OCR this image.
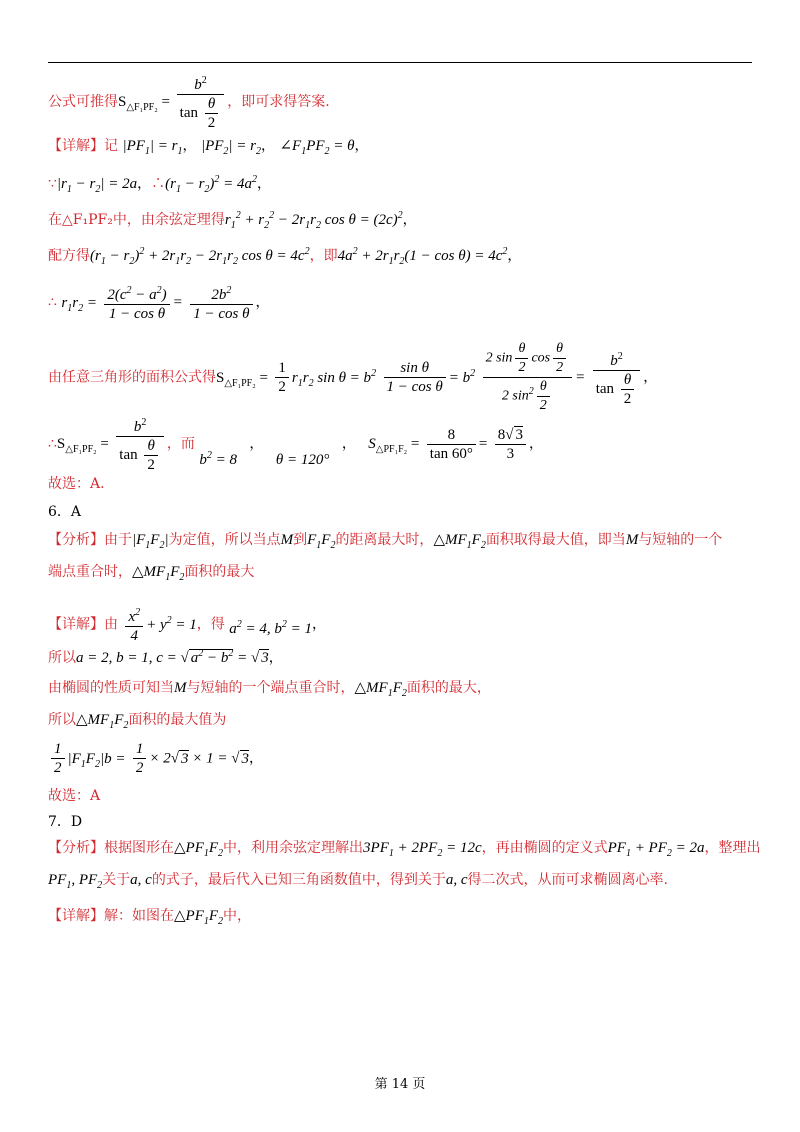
公式可推得$S_{\triangle F_1PF_2} = \frac{b^2}{\tan \frac{\theta}{2}}$ ，即可求得答案.
【详解】记 $|PF_1| = r_1$， $|PF_2| = r_2$， $\angle F_1PF_2 = \theta$，
$\because|r_1 - r_2| = 2a$，$\therefore(r_1 - r_2)^2 = 4a^2$，
在△F₁PF₂中，由余弦定理得$r_1^2 + r_2^2 - 2r_1r_2$ $\cos \theta = (2c)^2$，
配方得$(r_1 - r_2)^2 + 2r_1r_2 - 2r_1r_2$ $\cos \theta = 4c^2$，即$4a^2 + 2r_1r_2(1 - \cos \theta) = 4c^2$，
∴ $r_1r_2 = \frac{2(c^2 - a^2)}{\text{1 − cos θ}} = \frac{2b^2}{\text{1 − cos θ}}$ ，
由任意三角形的面积公式得$S_{\triangle F_1PF_2} = \frac{1}{2} r_1r_2$ $\sin \theta = b^2 \frac{\text{sin θ}}{\text{1 − cos θ}} = b^2 \frac{2 \sin \frac{\theta}{2} \cos \frac{\theta}{2}}{2 \sin^2 \frac{\theta}{2}} = \frac{b^2}{\tan \frac{\theta}{2}}$ ，
$\therefore S_{\triangle F_1PF_2} = \frac{b^2}{\tan \frac{\theta}{2}}$ ，而 $b^2 = 8$ ， θ = 120° ， $S_{\triangle PF_1F_2} = \frac{8}{\tan 60^\circ} = \frac{8√ 3}{3}$ ，
故选：A.
6．A
【分析】由于$|F_1F_2|$为定值，所以当点M到$F_1F_2$的距离最大时，$\triangle MF_1F_2$面积取得最大值，即当M与短轴的一个
端点重合时，$\triangle MF_1F_2$面积的最大
【详解】由 $\frac{x^2}{4} + y^2 = 1$，得 $a^2 = 4$, $b^2 = 1$，
所以a = 2, b = 1, c = √ $a^2 - b^2$ = √ 3，
由椭圆的性质可知当M与短轴的一个端点重合时，$\triangle MF_1F_2$面积的最大，
所以$\triangle MF_1F_2$面积的最大值为
$\frac{1}{2} |F_1F_2|b = \frac{1}{2} \times 2√$ 3 × 1 = √ 3，
故选：A
7．D
【分析】根据图形在$\triangle PF_1F_2$中，利用余弦定理解出$3PF_1 + 2PF_2 = 12c$，再由椭圆的定义式$PF_1 + PF_2 = 2a$，整理出
$PF_1$, $PF_2$关于a, c的式子，最后代入已知三角函数值中，得到关于a, c得二次式，从而可求椭圆离心率.
【详解】解：如图在$\triangle PF_1F_2$中，
第 14 页
